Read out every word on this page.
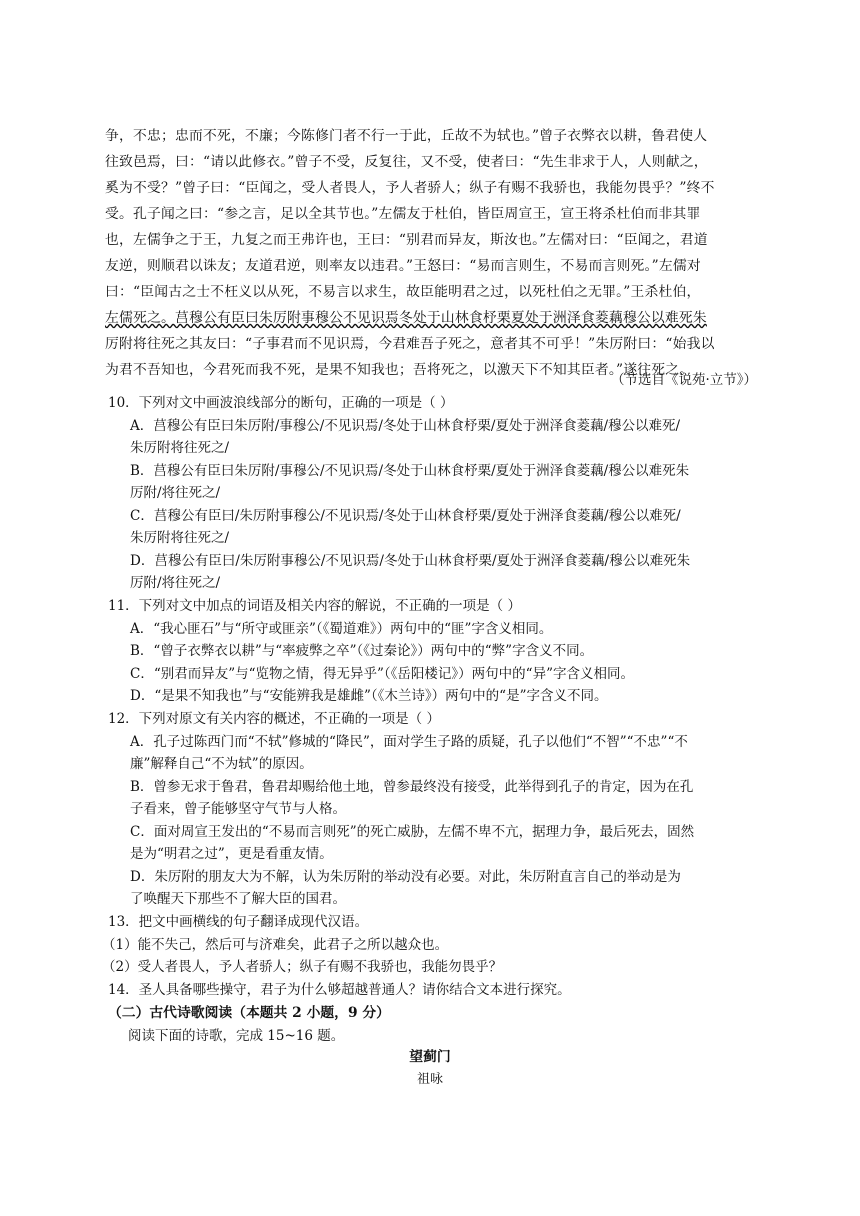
争，不忠；忠而不死，不廉；今陈修门者不行一于此，丘故不为轼也。”曾子衣弊衣以耕，鲁君使人
往致邑焉，曰：“请以此修衣。”曾子不受，反复往，又不受，使者曰：“先生非求于人，人则献之，
奚为不受？”曾子曰：“臣闻之，受人者畏人，予人者骄人；纵子有赐不我骄也，我能勿畏乎？”终不
受。孔子闻之曰：“参之言，足以全其节也。”左儒友于杜伯，皆臣周宣王，宣王将杀杜伯而非其罪
也，左儒争之于王，九复之而王弗许也，王曰：“别君而异友，斯汝也。”左儒对曰：“臣闻之，君道
友逆，则顺君以诛友；友道君逆，则率友以违君。”王怒曰：“易而言则生，不易而言则死。”左儒对
曰：“臣闻古之士不枉义以从死，不易言以求生，故臣能明君之过，以死杜伯之无罪。”王杀杜伯，
左儒死之。莒穆公有臣曰朱厉附事穆公不见识焉冬处于山林食杼栗夏处于洲泽食菱藕穆公以难死朱
厉附将往死之其友曰：“子事君而不见识焉，今君难吾子死之，意者其不可乎！”朱厉附曰：“始我以
为君不吾知也，今君死而我不死，是果不知我也；吾将死之，以激天下不知其臣者。”遂往死之。
（节选自《说苑·立节》）
10．下列对文中画波浪线部分的断句，正确的一项是（ ）
A．莒穆公有臣曰朱厉附/事穆公/不见识焉/冬处于山林食杼栗/夏处于洲泽食菱藕/穆公以难死/
朱厉附将往死之/
B．莒穆公有臣曰朱厉附/事穆公/不见识焉/冬处于山林食杼栗/夏处于洲泽食菱藕/穆公以难死朱
厉附/将往死之/
C．莒穆公有臣曰/朱厉附事穆公/不见识焉/冬处于山林食杼栗/夏处于洲泽食菱藕/穆公以难死/
朱厉附将往死之/
D．莒穆公有臣曰/朱厉附事穆公/不见识焉/冬处于山林食杼栗/夏处于洲泽食菱藕/穆公以难死朱
厉附/将往死之/
11．下列对文中加点的词语及相关内容的解说，不正确的一项是（ ）
A．“我心匪石”与“所守或匪亲”（《蜀道难》）两句中的“匪”字含义相同。
B．“曾子衣弊衣以耕”与“率疲弊之卒”（《过秦论》）两句中的“弊”字含义不同。
C．“别君而异友”与“览物之情，得无异乎”（《岳阳楼记》）两句中的“异”字含义相同。
D．“是果不知我也”与“安能辨我是雄雌”（《木兰诗》）两句中的“是”字含义不同。
12．下列对原文有关内容的概述，不正确的一项是（ ）
A．孔子过陈西门而“不轼”修城的“降民”，面对学生子路的质疑，孔子以他们“不智”“不忠”“不
廉”解释自己“不为轼”的原因。
B．曾参无求于鲁君，鲁君却赐给他土地，曾参最终没有接受，此举得到孔子的肯定，因为在孔
子看来，曾子能够坚守气节与人格。
C．面对周宣王发出的“不易而言则死”的死亡威胁，左儒不卑不亢，据理力争，最后死去，固然
是为“明君之过”，更是看重友情。
D．朱厉附的朋友大为不解，认为朱厉附的举动没有必要。对此，朱厉附直言自己的举动是为
了唤醒天下那些不了解大臣的国君。
13．把文中画横线的句子翻译成现代汉语。
（1）能不失己，然后可与济难矣，此君子之所以越众也。
（2）受人者畏人，予人者骄人；纵子有赐不我骄也，我能勿畏乎？
14．圣人具备哪些操守，君子为什么够超越普通人？请你结合文本进行探究。
（二）古代诗歌阅读（本题共 2 小题，9 分）
阅读下面的诗歌，完成 15~16 题。
望蓟门
祖咏
